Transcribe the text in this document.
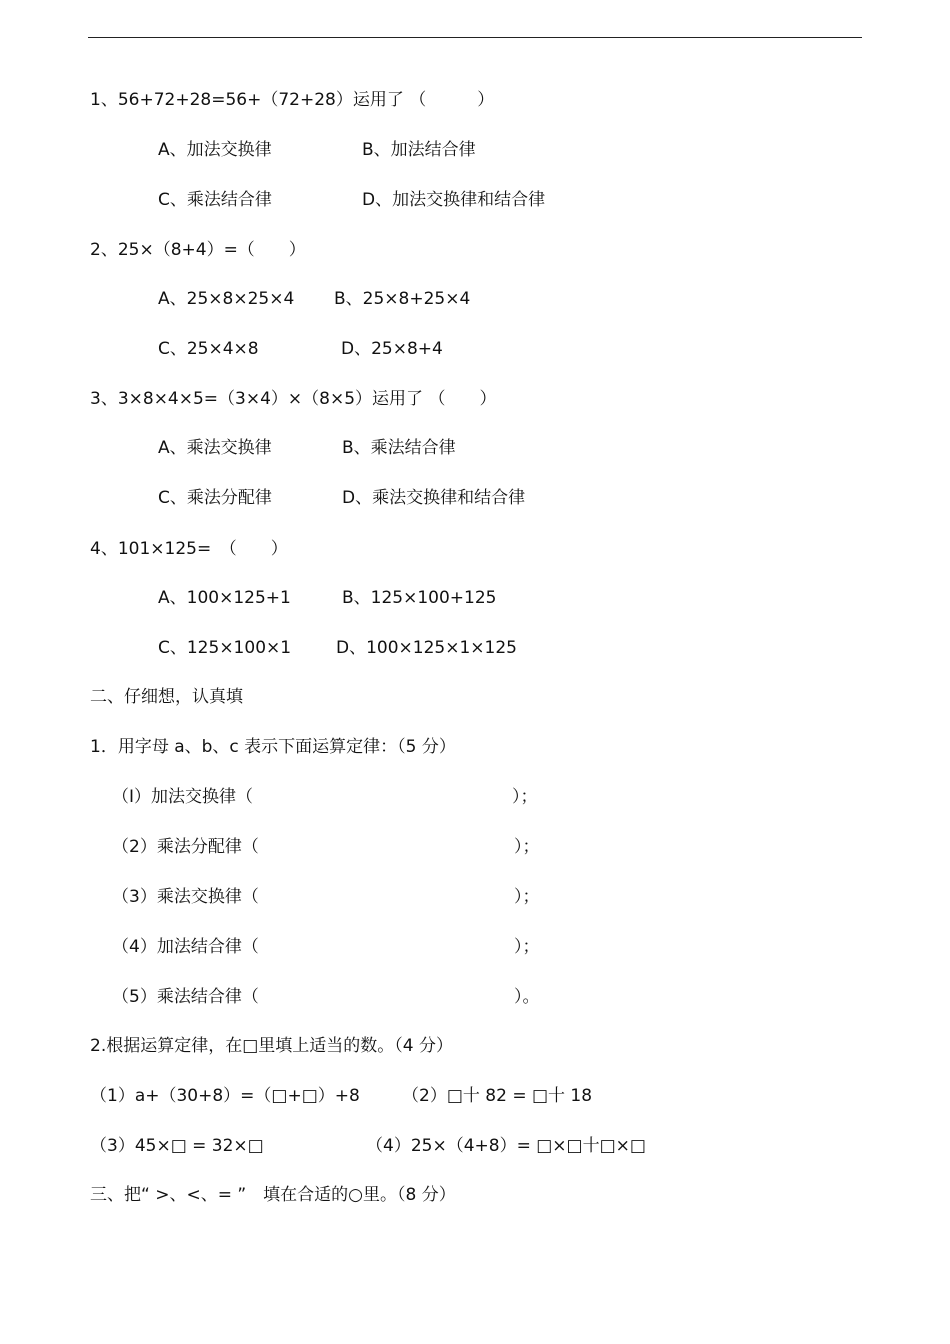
1、56+72+28=56+（72+28）运用了 （　　　）
A、加法交换律	B、加法结合律
C、乘法结合律	D、加法交换律和结合律
2、25×（8+4）=（　　）
A、25×8×25×4 B、25×8+25×4
C、25×4×8	D、25×8+4
3、3×8×4×5=（3×4）×（8×5）运用了 （　　）
A、乘法交换律	B、乘法结合律
C、乘法分配律	D、乘法交换律和结合律
4、101×125=　（　　）
A、100×125+1	B、125×100+125
C、125×100×1	D、100×125×1×125
二、仔细想，认真填
1．用字母 a、b、c 表示下面运算定律：（5 分）
（I）加法交换律（	）；
（2）乘法分配律（	）；
（3）乘法交换律（	）；
（4）加法结合律（	）；
（5）乘法结合律（	）。
2.根据运算定律，在□里填上适当的数。（4 分）
（1）a+（30+8）=（□+□）+8 （2）□十 82 = □十 18
（3）45×□ = 32×□	（4）25×（4+8）= □×□十□×□
三、把“ >、<、= ”　填在合适的○里。（8 分）
